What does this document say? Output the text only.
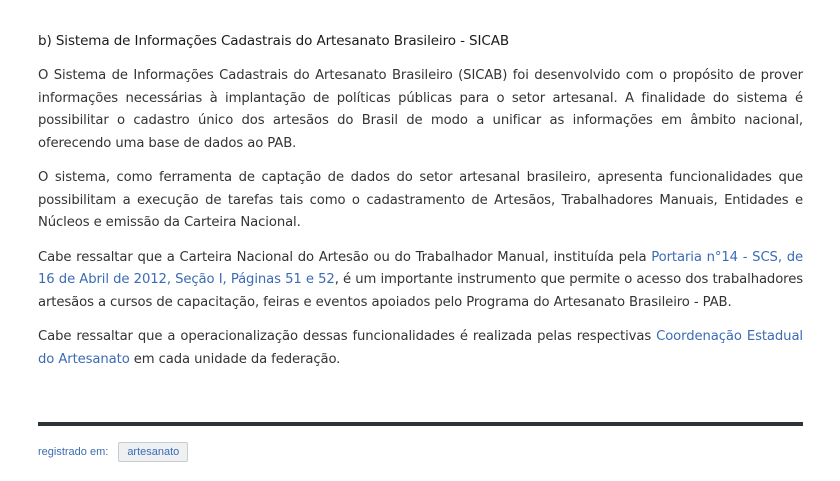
b) Sistema de Informações Cadastrais do Artesanato Brasileiro - SICAB

O Sistema de Informações Cadastrais do Artesanato Brasileiro (SICAB) foi desenvolvido com o propósito de prover informações necessárias à implantação de políticas públicas para o setor artesanal. A finalidade do sistema é possibilitar o cadastro único dos artesãos do Brasil de modo a unificar as informações em âmbito nacional, oferecendo uma base de dados ao PAB.

O sistema, como ferramenta de captação de dados do setor artesanal brasileiro, apresenta funcionalidades que possibilitam a execução de tarefas tais como o cadastramento de Artesãos, Trabalhadores Manuais, Entidades e Núcleos e emissão da Carteira Nacional.

Cabe ressaltar que a Carteira Nacional do Artesão ou do Trabalhador Manual, instituída pela Portaria n°14 - SCS, de 16 de Abril de 2012, Seção I, Páginas 51 e 52, é um importante instrumento que permite o acesso dos trabalhadores artesãos a cursos de capacitação, feiras e eventos apoiados pelo Programa do Artesanato Brasileiro - PAB.

Cabe ressaltar que a operacionalização dessas funcionalidades é realizada pelas respectivas Coordenação Estadual do Artesanato em cada unidade da federação.

registrado em:	artesanato
